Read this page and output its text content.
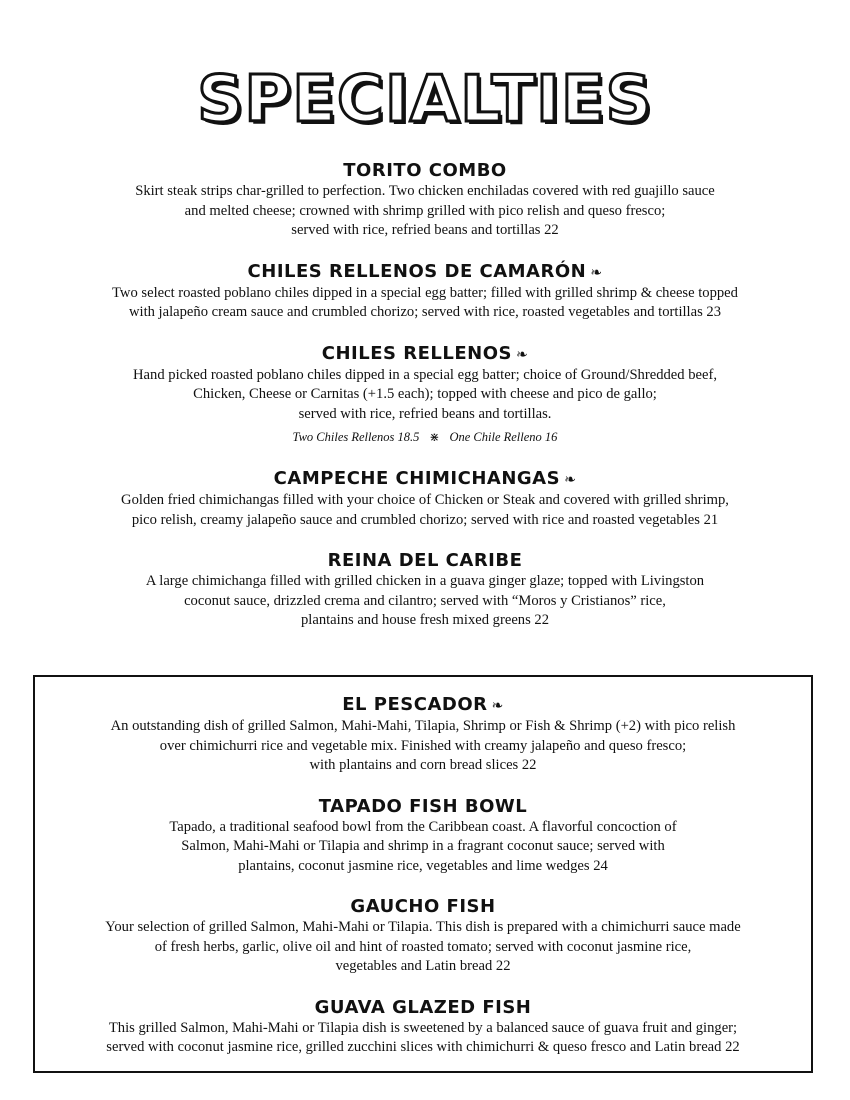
SPECIALTIES
TORITO COMBO

Skirt steak strips char-grilled to perfection. Two chicken enchiladas covered with red guajillo sauce

and melted cheese; crowned with shrimp grilled with pico relish and queso fresco;

served with rice, refried beans and tortillas 22

CHILES RELLENOS DE CAMARÓN ❧

Two select roasted poblano chiles dipped in a special egg batter; filled with grilled shrimp & cheese topped

with jalapeño cream sauce and crumbled chorizo; served with rice, roasted vegetables and tortillas 23

CHILES RELLENOS ❧

Hand picked roasted poblano chiles dipped in a special egg batter; choice of Ground/Shredded beef,

Chicken, Cheese or Carnitas (+1.5 each); topped with cheese and pico de gallo;

served with rice, refried beans and tortillas.

Two Chiles Rellenos 18.5 ⋇ One Chile Relleno 16

CAMPECHE CHIMICHANGAS ❧

Golden fried chimichangas filled with your choice of Chicken or Steak and covered with grilled shrimp,

pico relish, creamy jalapeño sauce and crumbled chorizo; served with rice and roasted vegetables 21

REINA DEL CARIBE

A large chimichanga filled with grilled chicken in a guava ginger glaze; topped with Livingston

coconut sauce, drizzled crema and cilantro; served with “Moros y Cristianos” rice,

plantains and house fresh mixed greens 22

EL PESCADOR ❧

An outstanding dish of grilled Salmon, Mahi-Mahi, Tilapia, Shrimp or Fish & Shrimp (+2) with pico relish

over chimichurri rice and vegetable mix. Finished with creamy jalapeño and queso fresco;

with plantains and corn bread slices 22

TAPADO FISH BOWL

Tapado, a traditional seafood bowl from the Caribbean coast. A flavorful concoction of

Salmon, Mahi-Mahi or Tilapia and shrimp in a fragrant coconut sauce; served with

plantains, coconut jasmine rice, vegetables and lime wedges 24

GAUCHO FISH

Your selection of grilled Salmon, Mahi-Mahi or Tilapia. This dish is prepared with a chimichurri sauce made

of fresh herbs, garlic, olive oil and hint of roasted tomato; served with coconut jasmine rice,

vegetables and Latin bread 22

GUAVA GLAZED FISH

This grilled Salmon, Mahi-Mahi or Tilapia dish is sweetened by a balanced sauce of guava fruit and ginger;

served with coconut jasmine rice, grilled zucchini slices with chimichurri & queso fresco and Latin bread 22
